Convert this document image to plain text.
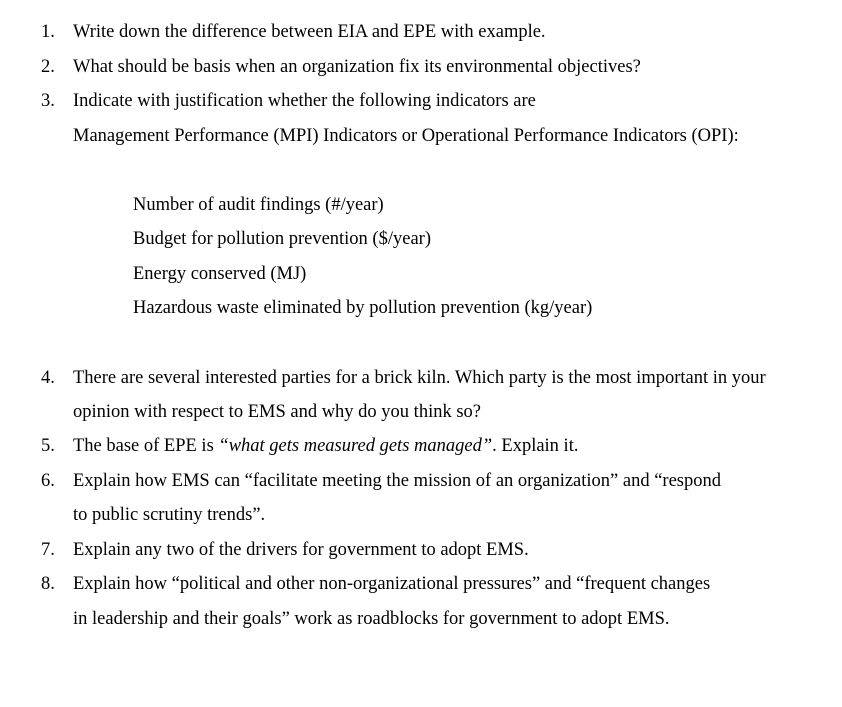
1. Write down the difference between EIA and EPE with example.
2. What should be basis when an organization fix its environmental objectives?
3. Indicate with justification whether the following indicators are
Management Performance (MPI) Indicators or Operational Performance Indicators (OPI):
Number of audit findings (#/year)
Budget for pollution prevention ($/year)
Energy conserved (MJ)
Hazardous waste eliminated by pollution prevention (kg/year)
4. There are several interested parties for a brick kiln. Which party is the most important in your
opinion with respect to EMS and why do you think so?
5. The base of EPE is “what gets measured gets managed”. Explain it.
6. Explain how EMS can “facilitate meeting the mission of an organization” and “respond
to public scrutiny trends”.
7. Explain any two of the drivers for government to adopt EMS.
8. Explain how “political and other non-organizational pressures” and “frequent changes
in leadership and their goals” work as roadblocks for government to adopt EMS.
